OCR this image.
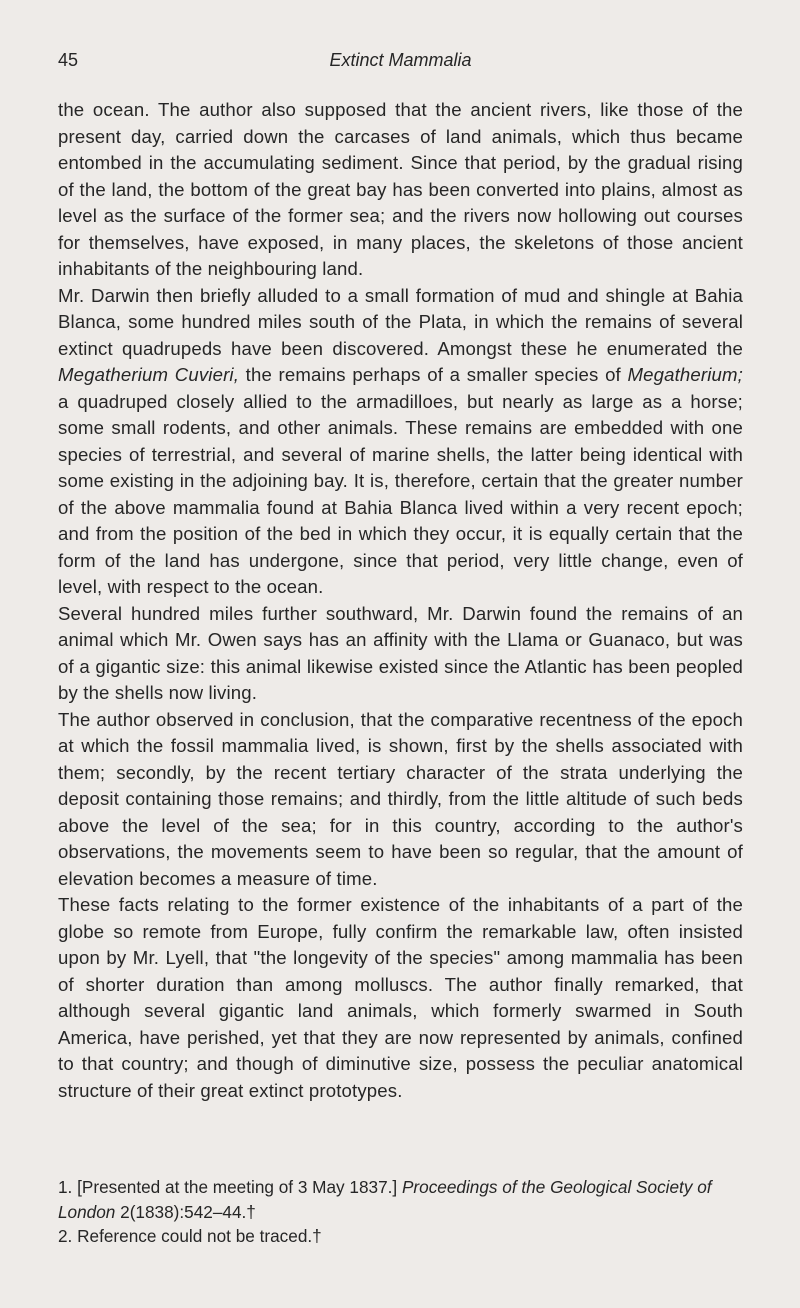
45	Extinct Mammalia

the ocean. The author also supposed that the ancient rivers, like those of the present day, carried down the carcases of land animals, which thus became entombed in the accumulating sediment. Since that period, by the gradual rising of the land, the bottom of the great bay has been converted into plains, almost as level as the surface of the former sea; and the rivers now hollowing out courses for themselves, have exposed, in many places, the skeletons of those ancient inhabitants of the neighbouring land.

Mr. Darwin then briefly alluded to a small formation of mud and shingle at Bahia Blanca, some hundred miles south of the Plata, in which the remains of several extinct quadrupeds have been discovered. Amongst these he enumerated the Megatherium Cuvieri, the remains perhaps of a smaller species of Megatherium; a quadruped closely allied to the armadilloes, but nearly as large as a horse; some small rodents, and other animals. These remains are embedded with one species of terrestrial, and several of marine shells, the latter being identical with some existing in the adjoining bay. It is, therefore, certain that the greater number of the above mammalia found at Bahia Blanca lived within a very recent epoch; and from the position of the bed in which they occur, it is equally certain that the form of the land has undergone, since that period, very little change, even of level, with respect to the ocean.

Several hundred miles further southward, Mr. Darwin found the remains of an animal which Mr. Owen says has an affinity with the Llama or Guanaco, but was of a gigantic size: this animal likewise existed since the Atlantic has been peopled by the shells now living.

The author observed in conclusion, that the comparative recentness of the epoch at which the fossil mammalia lived, is shown, first by the shells associated with them; secondly, by the recent tertiary character of the strata underlying the deposit containing those remains; and thirdly, from the little altitude of such beds above the level of the sea; for in this country, according to the author's observations, the movements seem to have been so regular, that the amount of elevation becomes a measure of time.

These facts relating to the former existence of the inhabitants of a part of the globe so remote from Europe, fully confirm the remarkable law, often insisted upon by Mr. Lyell, that "the longevity of the species" among mammalia has been of shorter duration than among molluscs. The author finally remarked, that although several gigantic land animals, which formerly swarmed in South America, have perished, yet that they are now represented by animals, confined to that country; and though of diminutive size, possess the peculiar anatomical structure of their great extinct prototypes.

1. [Presented at the meeting of 3 May 1837.] Proceedings of the Geological Society of London 2(1838):542–44.†

2. Reference could not be traced.†
